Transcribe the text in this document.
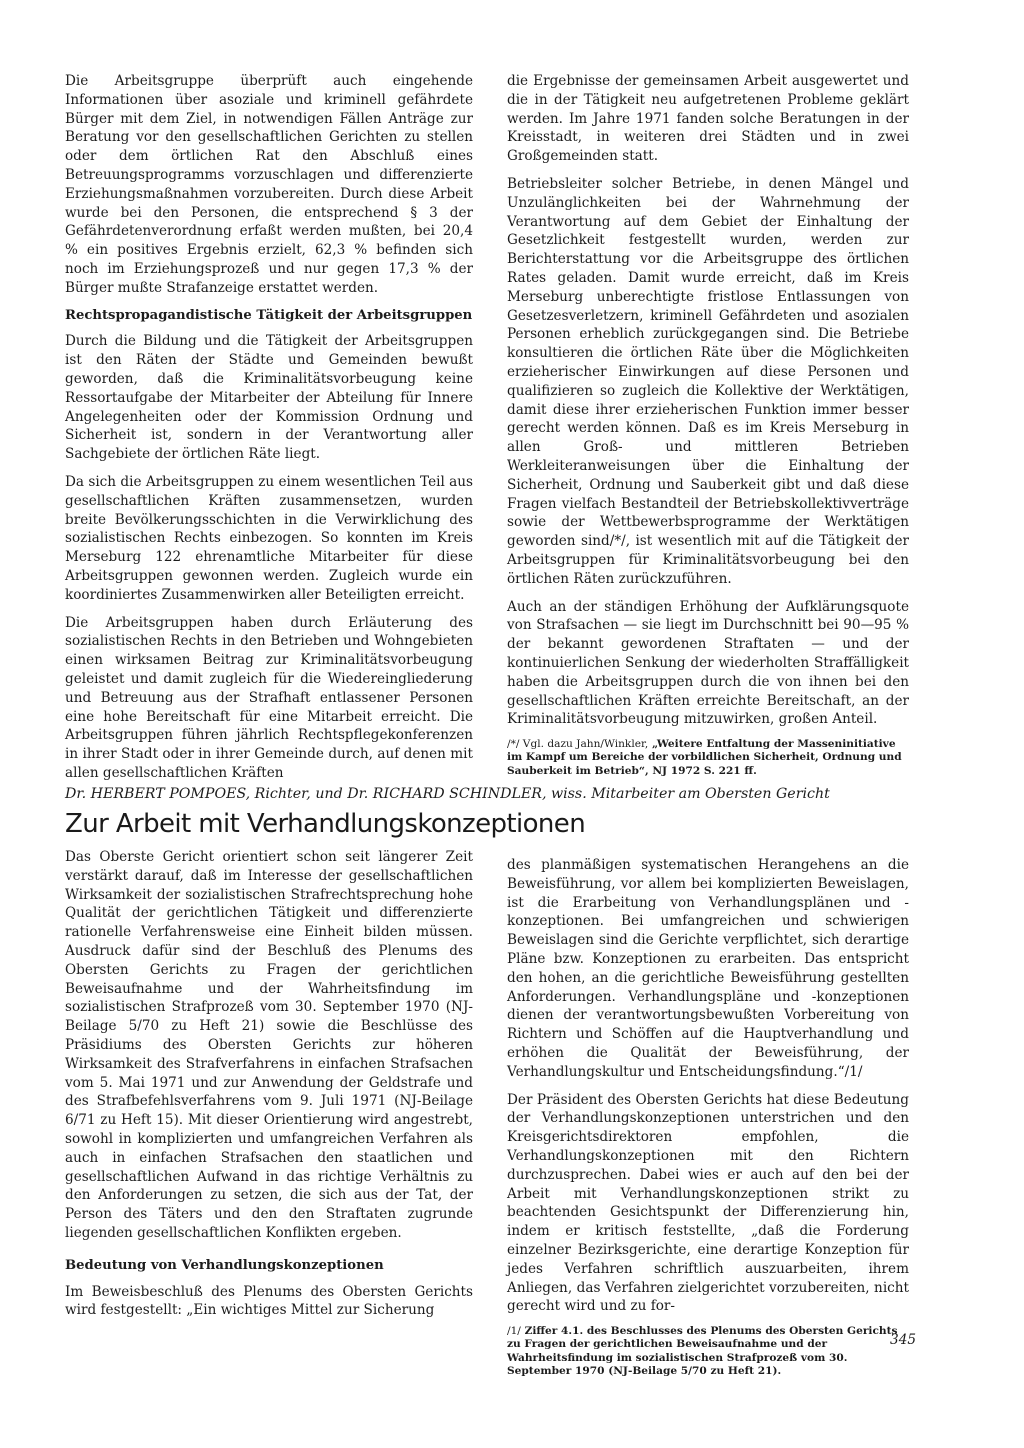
Die Arbeitsgruppe überprüft auch eingehende Informationen über asoziale und kriminell gefährdete Bürger mit dem Ziel, in notwendigen Fällen Anträge zur Beratung vor den gesellschaftlichen Gerichten zu stellen oder dem örtlichen Rat den Abschluß eines Betreuungsprogramms vorzuschlagen und differenzierte Erziehungsmaßnahmen vorzubereiten. Durch diese Arbeit wurde bei den Personen, die entsprechend § 3 der Gefährdetenverordnung erfaßt werden mußten, bei 20,4 % ein positives Ergebnis erzielt, 62,3 % befinden sich noch im Erziehungsprozeß und nur gegen 17,3 % der Bürger mußte Strafanzeige erstattet werden.

Rechtspropagandistische Tätigkeit der Arbeitsgruppen

Durch die Bildung und die Tätigkeit der Arbeitsgruppen ist den Räten der Städte und Gemeinden bewußt geworden, daß die Kriminalitätsvorbeugung keine Ressortaufgabe der Mitarbeiter der Abteilung für Innere Angelegenheiten oder der Kommission Ordnung und Sicherheit ist, sondern in der Verantwortung aller Sachgebiete der örtlichen Räte liegt.

Da sich die Arbeitsgruppen zu einem wesentlichen Teil aus gesellschaftlichen Kräften zusammensetzen, wurden breite Bevölkerungsschichten in die Verwirklichung des sozialistischen Rechts einbezogen. So konnten im Kreis Merseburg 122 ehrenamtliche Mitarbeiter für diese Arbeitsgruppen gewonnen werden. Zugleich wurde ein koordiniertes Zusammenwirken aller Beteiligten erreicht.

Die Arbeitsgruppen haben durch Erläuterung des sozialistischen Rechts in den Betrieben und Wohngebieten einen wirksamen Beitrag zur Kriminalitätsvorbeugung geleistet und damit zugleich für die Wiedereingliederung und Betreuung aus der Strafhaft entlassener Personen eine hohe Bereitschaft für eine Mitarbeit erreicht. Die Arbeitsgruppen führen jährlich Rechtspflegekonferenzen in ihrer Stadt oder in ihrer Gemeinde durch, auf denen mit allen gesellschaftlichen Kräften

die Ergebnisse der gemeinsamen Arbeit ausgewertet und die in der Tätigkeit neu aufgetretenen Probleme geklärt werden. Im Jahre 1971 fanden solche Beratungen in der Kreisstadt, in weiteren drei Städten und in zwei Großgemeinden statt.

Betriebsleiter solcher Betriebe, in denen Mängel und Unzulänglichkeiten bei der Wahrnehmung der Verantwortung auf dem Gebiet der Einhaltung der Gesetzlichkeit festgestellt wurden, werden zur Berichterstattung vor die Arbeitsgruppe des örtlichen Rates geladen. Damit wurde erreicht, daß im Kreis Merseburg unberechtigte fristlose Entlassungen von Gesetzesverletzern, kriminell Gefährdeten und asozialen Personen erheblich zurückgegangen sind. Die Betriebe konsultieren die örtlichen Räte über die Möglichkeiten erzieherischer Einwirkungen auf diese Personen und qualifizieren so zugleich die Kollektive der Werktätigen, damit diese ihrer erzieherischen Funktion immer besser gerecht werden können. Daß es im Kreis Merseburg in allen Groß- und mittleren Betrieben Werkleiteranweisungen über die Einhaltung der Sicherheit, Ordnung und Sauberkeit gibt und daß diese Fragen vielfach Bestandteil der Betriebskollektivverträge sowie der Wettbewerbsprogramme der Werktätigen geworden sind/*/, ist wesentlich mit auf die Tätigkeit der Arbeitsgruppen für Kriminalitätsvorbeugung bei den örtlichen Räten zurückzuführen.

Auch an der ständigen Erhöhung der Aufklärungsquote von Strafsachen — sie liegt im Durchschnitt bei 90—95 % der bekannt gewordenen Straftaten — und der kontinuierlichen Senkung der wiederholten Straffälligkeit haben die Arbeitsgruppen durch die von ihnen bei den gesellschaftlichen Kräften erreichte Bereitschaft, an der Kriminalitätsvorbeugung mitzuwirken, großen Anteil.

/*/ Vgl. dazu Jahn/Winkler, „Weitere Entfaltung der Masseninitiative im Kampf um Bereiche der vorbildlichen Sicherheit, Ordnung und Sauberkeit im Betrieb“, NJ 1972 S. 221 ff.

Dr. HERBERT POMPOES, Richter, und Dr. RICHARD SCHINDLER, wiss. Mitarbeiter am Obersten Gericht
Zur Arbeit mit Verhandlungskonzeptionen

Das Oberste Gericht orientiert schon seit längerer Zeit verstärkt darauf, daß im Interesse der gesellschaftlichen Wirksamkeit der sozialistischen Strafrechtsprechung hohe Qualität der gerichtlichen Tätigkeit und differenzierte rationelle Verfahrensweise eine Einheit bilden müssen. Ausdruck dafür sind der Beschluß des Plenums des Obersten Gerichts zu Fragen der gerichtlichen Beweisaufnahme und der Wahrheitsfindung im sozialistischen Strafprozeß vom 30. September 1970 (NJ-Beilage 5/70 zu Heft 21) sowie die Beschlüsse des Präsidiums des Obersten Gerichts zur höheren Wirksamkeit des Strafverfahrens in einfachen Strafsachen vom 5. Mai 1971 und zur Anwendung der Geldstrafe und des Strafbefehlsverfahrens vom 9. Juli 1971 (NJ-Beilage 6/71 zu Heft 15). Mit dieser Orientierung wird angestrebt, sowohl in komplizierten und umfangreichen Verfahren als auch in einfachen Strafsachen den staatlichen und gesellschaftlichen Aufwand in das richtige Verhältnis zu den Anforderungen zu setzen, die sich aus der Tat, der Person des Täters und den den Straftaten zugrunde liegenden gesellschaftlichen Konflikten ergeben.

Bedeutung von Verhandlungskonzeptionen

Im Beweisbeschluß des Plenums des Obersten Gerichts wird festgestellt: „Ein wichtiges Mittel zur Sicherung

des planmäßigen systematischen Herangehens an die Beweisführung, vor allem bei komplizierten Beweislagen, ist die Erarbeitung von Verhandlungsplänen und -konzeptionen. Bei umfangreichen und schwierigen Beweislagen sind die Gerichte verpflichtet, sich derartige Pläne bzw. Konzeptionen zu erarbeiten. Das entspricht den hohen, an die gerichtliche Beweisführung gestellten Anforderungen. Verhandlungspläne und -konzeptionen dienen der verantwortungsbewußten Vorbereitung von Richtern und Schöffen auf die Hauptverhandlung und erhöhen die Qualität der Beweisführung, der Verhandlungskultur und Entscheidungsfindung.“/1/

Der Präsident des Obersten Gerichts hat diese Bedeutung der Verhandlungskonzeptionen unterstrichen und den Kreisgerichtsdirektoren empfohlen, die Verhandlungskonzeptionen mit den Richtern durchzusprechen. Dabei wies er auch auf den bei der Arbeit mit Verhandlungskonzeptionen strikt zu beachtenden Gesichtspunkt der Differenzierung hin, indem er kritisch feststellte, „daß die Forderung einzelner Bezirksgerichte, eine derartige Konzeption für jedes Verfahren schriftlich auszuarbeiten, ihrem Anliegen, das Verfahren zielgerichtet vorzubereiten, nicht gerecht wird und zu for-

/1/ Ziffer 4.1. des Beschlusses des Plenums des Obersten Gerichts zu Fragen der gerichtlichen Beweisaufnahme und der Wahrheitsfindung im sozialistischen Strafprozeß vom 30. September 1970 (NJ-Beilage 5/70 zu Heft 21).

345
